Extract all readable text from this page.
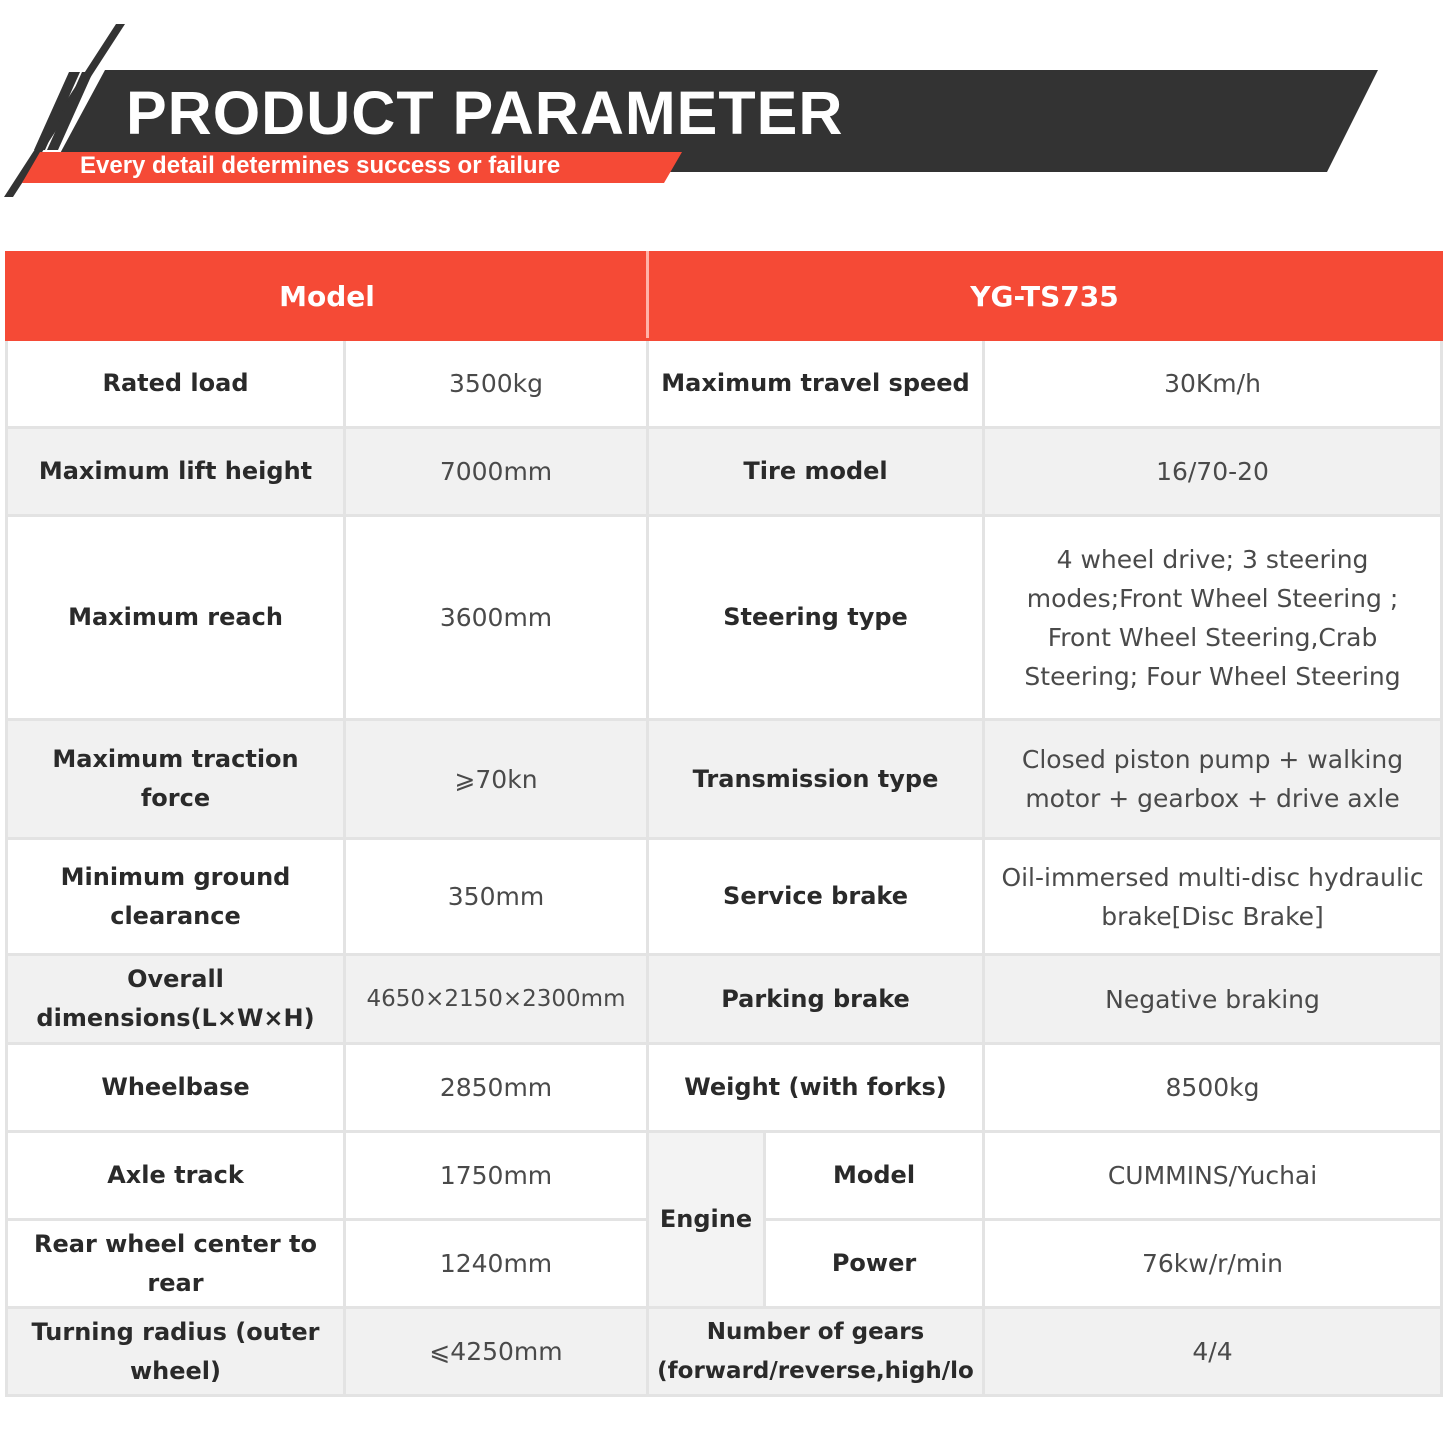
PRODUCT PARAMETER
Every detail determines success or failure
Model		YG-TS735		
Rated load	3500kg	Maximum travel speed		30Km/h
Maximum lift height	7000mm	Tire model		16/70-20
Maximum reach	3600mm	Steering type		4 wheel drive; 3 steering modes;Front Wheel Steering ; Front Wheel Steering,Crab Steering; Four Wheel Steering
Maximum traction force	⩾70kn	Transmission type		Closed piston pump + walking motor + gearbox + drive axle
Minimum ground clearance	350mm	Service brake		Oil-immersed multi-disc hydraulic brake[Disc Brake]
Overall dimensions(L×W×H)	4650×2150×2300mm	Parking brake		Negative braking
Wheelbase	2850mm	Weight (with forks)		8500kg
Axle track	1750mm	Engine	Model	CUMMINS/Yuchai
Rear wheel center to rear	1240mm		Power	76kw/r/min
Turning radius (outer wheel)	⩽4250mm	Number of gears (forward/reverse,high/lo		4/4
